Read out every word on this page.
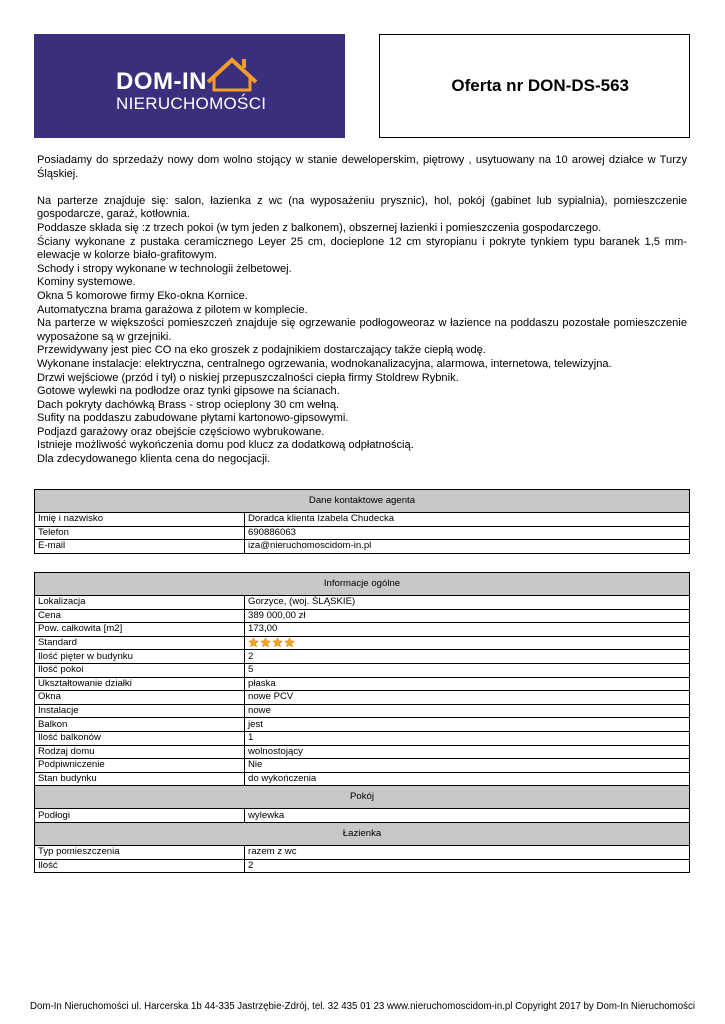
DOM-IN
NIERUCHOMOŚCI
Oferta nr DON-DS-563

Posiadamy do sprzedaży nowy dom wolno stojący w stanie deweloperskim, piętrowy , usytuowany na 10 arowej działce w Turzy Śląskiej.

Na parterze znajduje się: salon, łazienka z wc (na wyposażeniu prysznic), hol, pokój (gabinet lub sypialnia), pomieszczenie gospodarcze, garaż, kotłownia.

Poddasze składa się :z trzech pokoi (w tym jeden z balkonem), obszernej łazienki i pomieszczenia gospodarczego.

Ściany wykonane z pustaka ceramicznego Leyer 25 cm, docieplone 12 cm styropianu i pokryte tynkiem typu baranek 1,5 mm- elewacje w kolorze biało-grafitowym.

Schody i stropy wykonane w technologii żelbetowej.

Kominy systemowe.

Okna 5 komorowe firmy Eko-okna Kornice.

Automatyczna brama garażowa z pilotem w komplecie.

Na parterze w większości pomieszczeń znajduje się ogrzewanie podłogoweoraz w łazience na poddaszu pozostałe pomieszczenie wyposażone są w grzejniki.

Przewidywany jest piec CO na eko groszek z podajnikiem dostarczający także ciepłą wodę.

Wykonane instalacje: elektryczna, centralnego ogrzewania, wodnokanalizacyjna, alarmowa, internetowa, telewizyjna.

Drzwi wejściowe (przód i tył) o niskiej przepuszczalności ciepła firmy Stoldrew Rybnik.

Gotowe wylewki na podłodze oraz tynki gipsowe na ścianach.

Dach pokryty dachówką Brass - strop ocieplony 30 cm wełną.

Sufity na poddaszu zabudowane płytami kartonowo-gipsowymi.

Podjazd garażowy oraz obejście częściowo wybrukowane.

Istnieje możliwość wykończenia domu pod klucz za dodatkową odpłatnością.

Dla zdecydowanego klienta cena do negocjacji.

Dane kontaktowe agenta	
Imię i nazwisko	Doradca klienta Izabela Chudecka
Telefon	690886063
E-mail	iza@nieruchomoscidom-in.pl
Informacje ogólne	
Lokalizacja	Gorzyce, (woj. ŚLĄSKIE)
Cena	389 000,00 zł
Pow. całkowita [m2]	173,00
Standard	

Ilość pięter w budynku	2
Ilość pokoi	5
Ukształtowanie działki	płaska
Okna	nowe PCV
Instalacje	nowe
Balkon	jest
Ilość balkonów	1
Rodzaj domu	wolnostojący
Podpiwniczenie	Nie
Stan budynku	do wykończenia
Pokój	
Podłogi	wylewka
Łazienka	
Typ pomieszczenia	razem z wc
Ilość	2
Dom-In Nieruchomości ul. Harcerska 1b 44-335 Jastrzębie-Zdrój, tel. 32 435 01 23 www.nieruchomoscidom-in.pl Copyright 2017 by Dom-In Nieruchomości
